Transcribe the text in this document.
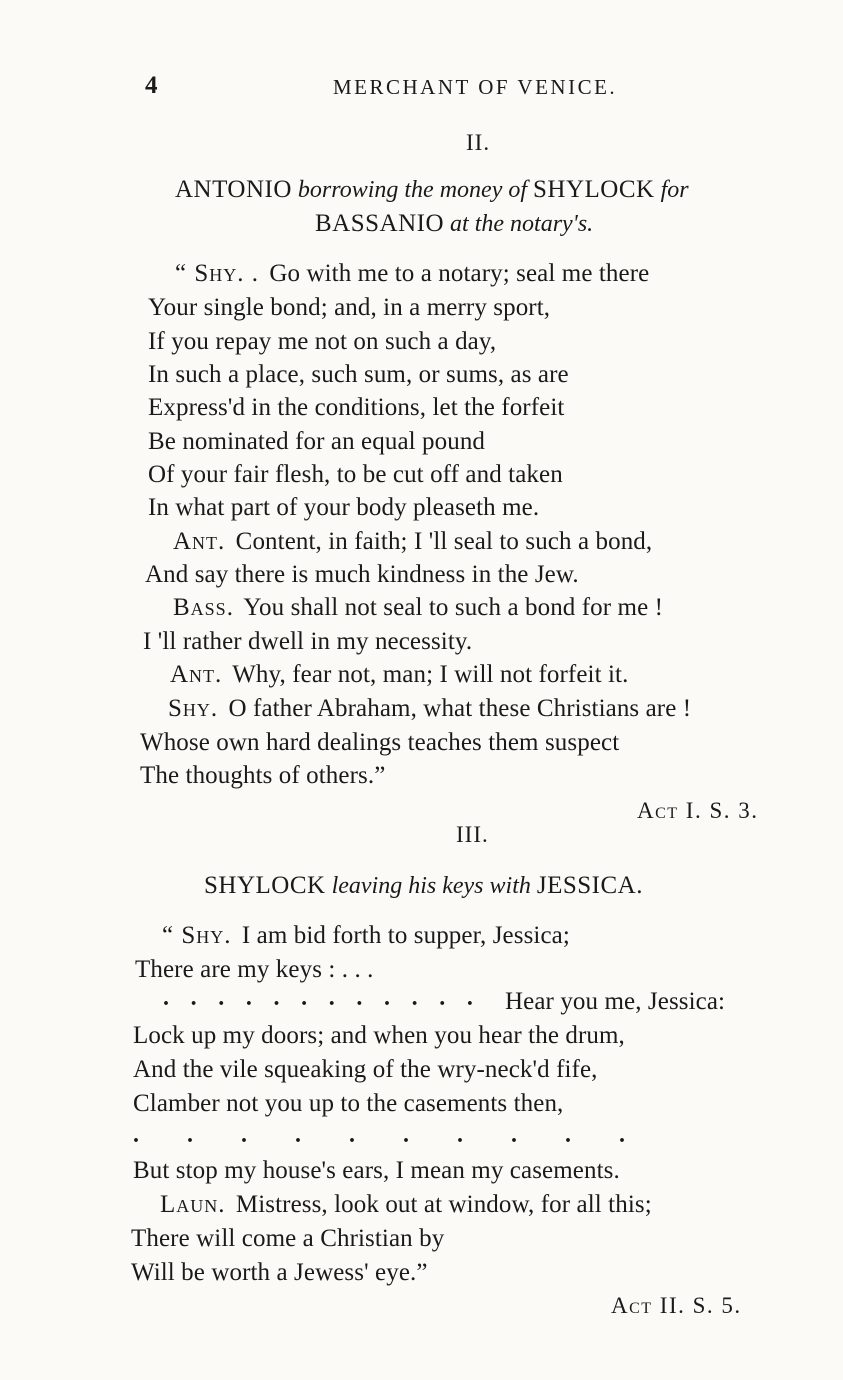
4	MERCHANT OF VENICE.
II.
ANTONIO borrowing the money of SHYLOCK for
BASSANIO at the notary's.
“ Shy. . Go with me to a notary; seal me there
Your single bond; and, in a merry sport,
If you repay me not on such a day,
In such a place, such sum, or sums, as are
Express'd in the conditions, let the forfeit
Be nominated for an equal pound
Of your fair flesh, to be cut off and taken
In what part of your body pleaseth me.
Ant. Content, in faith; I 'll seal to such a bond,
And say there is much kindness in the Jew.
Bass. You shall not seal to such a bond for me !
I 'll rather dwell in my necessity.
Ant. Why, fear not, man; I will not forfeit it.
Shy. O father Abraham, what these Christians are !
Whose own hard dealings teaches them suspect
The thoughts of others.”
Act I. S. 3.
III.
SHYLOCK leaving his keys with JESSICA.
“ Shy. I am bid forth to supper, Jessica;
There are my keys : . . .
. . . . . . . . . . . . Hear you me, Jessica:
Lock up my doors; and when you hear the drum,
And the vile squeaking of the wry-neck'd fife,
Clamber not you up to the casements then,
. . . . . . . . . .
But stop my house's ears, I mean my casements.
Laun. Mistress, look out at window, for all this;
There will come a Christian by
Will be worth a Jewess' eye.”
Act II. S. 5.
